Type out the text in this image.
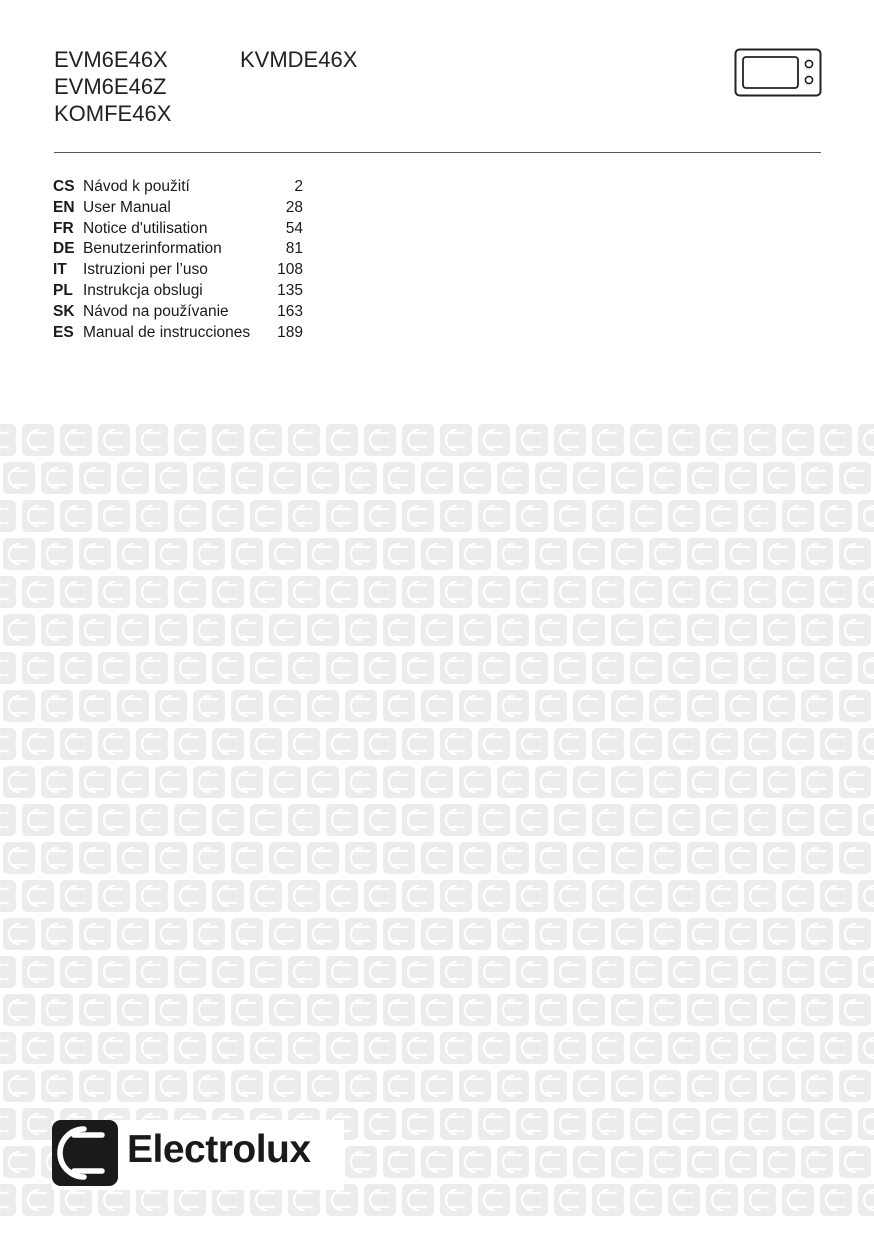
EVM6E46X
EVM6E46Z
KOMFE46X
KVMDE46X
CS Návod k použití	2
EN User Manual	28
FR Notice d'utilisation	54
DE Benutzerinformation	81
IT Istruzioni per l’uso	108
PL Instrukcja obslugi	135
SK Návod na používanie	163
ES Manual de instrucciones 189
Electrolux
